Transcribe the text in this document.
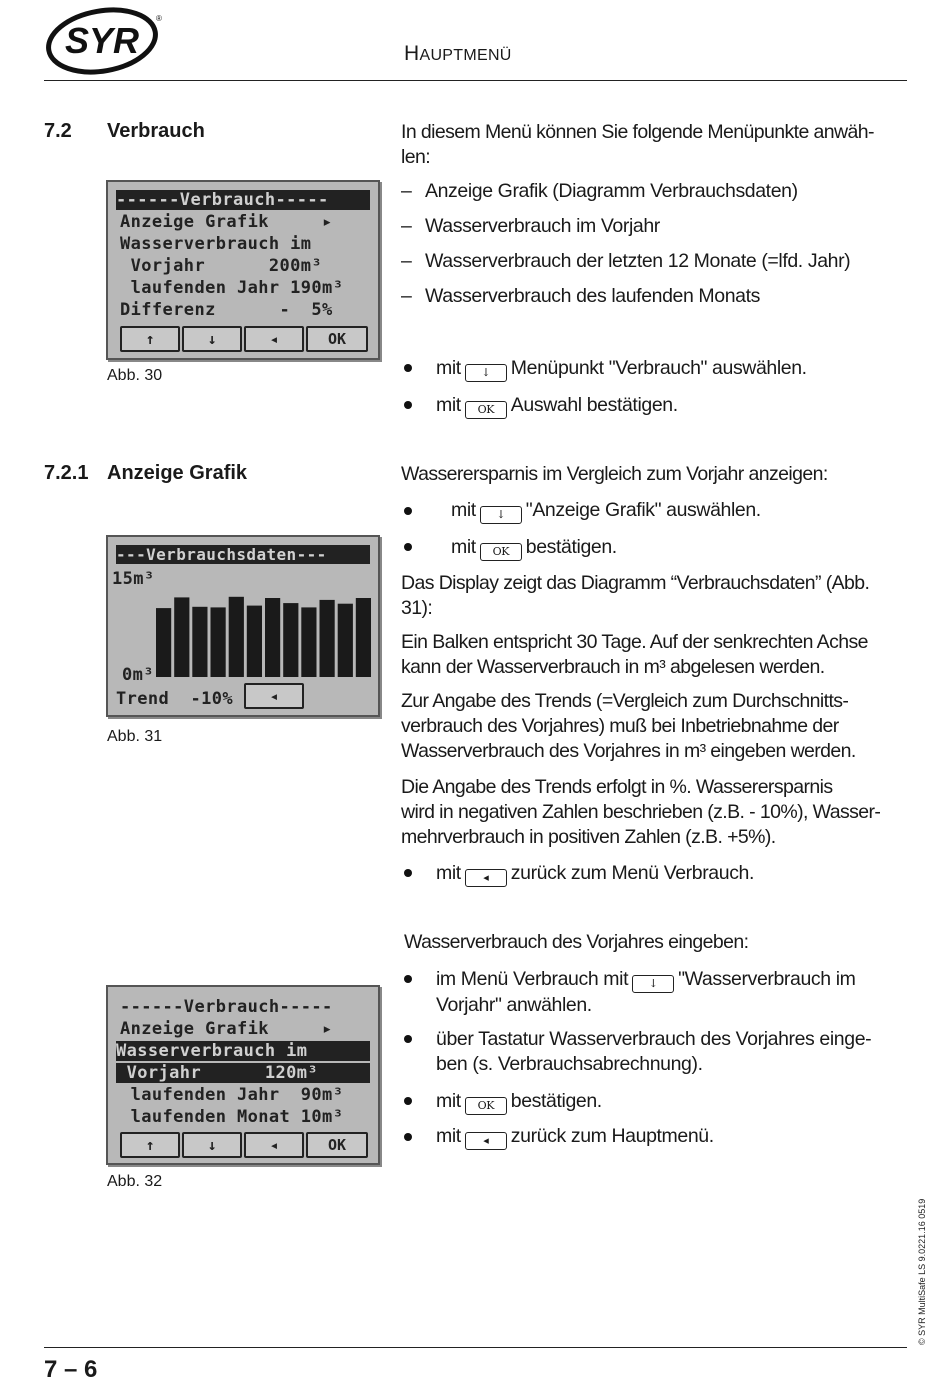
SYR
®
HAUPTMENÜ
7.2 Verbrauch	In diesem Menü können Sie folgende Menüpunkte anwäh-
len:
– Anzeige Grafik (Diagramm Verbrauchsdaten)
– Wasserverbrauch im Vorjahr
– Wasserverbrauch der letzten 12 Monate (=lfd. Jahr)
– Wasserverbrauch des laufenden Monats
------Verbrauch-----
Anzeige Grafik     ▸
Wasserverbrauch im
Vorjahr      200m³
laufenden Jahr 190m³
Differenz      -  5%
↑	↓	◂	OK
Abb. 30	mit ↓ Menüpunkt "Verbrauch" auswählen.
mit OK Auswahl bestätigen.
7.2.1 Anzeige Grafik	Wasserersparnis im Vergleich zum Vorjahr anzeigen:
mit ↓ "Anzeige Grafik" auswählen.
mit OK bestätigen.
Das Display zeigt das Diagramm “Verbrauchsdaten” (Abb.
31):
Ein Balken entspricht 30 Tage. Auf der senkrechten Achse
kann der Wasserverbrauch in m³ abgelesen werden.
Zur Angabe des Trends (=Vergleich zum Durchschnitts-
verbrauch des Vorjahres) muß bei Inbetriebnahme der
Wasserverbrauch des Vorjahres in m³ eingeben werden.
Die Angabe des Trends erfolgt in %. Wasserersparnis
wird in negativen Zahlen beschrieben (z.B. - 10%), Wasser-
mehrverbrauch in positiven Zahlen (z.B. +5%).
mit ◂ zurück zum Menü Verbrauch.
---Verbrauchsdaten---
15m³
0m³
Trend  -10%	◂
Abb. 31
Wasserverbrauch des Vorjahres eingeben:
im Menü Verbrauch mit ↓ "Wasserverbrauch im
Vorjahr" anwählen.
über Tastatur Wasserverbrauch des Vorjahres einge-
ben (s. Verbrauchsabrechnung).
mit OK bestätigen.
mit ◂ zurück zum Hauptmenü.
------Verbrauch-----
Anzeige Grafik     ▸
Wasserverbrauch im
Vorjahr      120m³
laufenden Jahr  90m³
laufenden Monat 10m³
↑	↓	◂	OK
Abb. 32
7 – 6
© SYR MultiSafe LS 9.0221.16 0519
